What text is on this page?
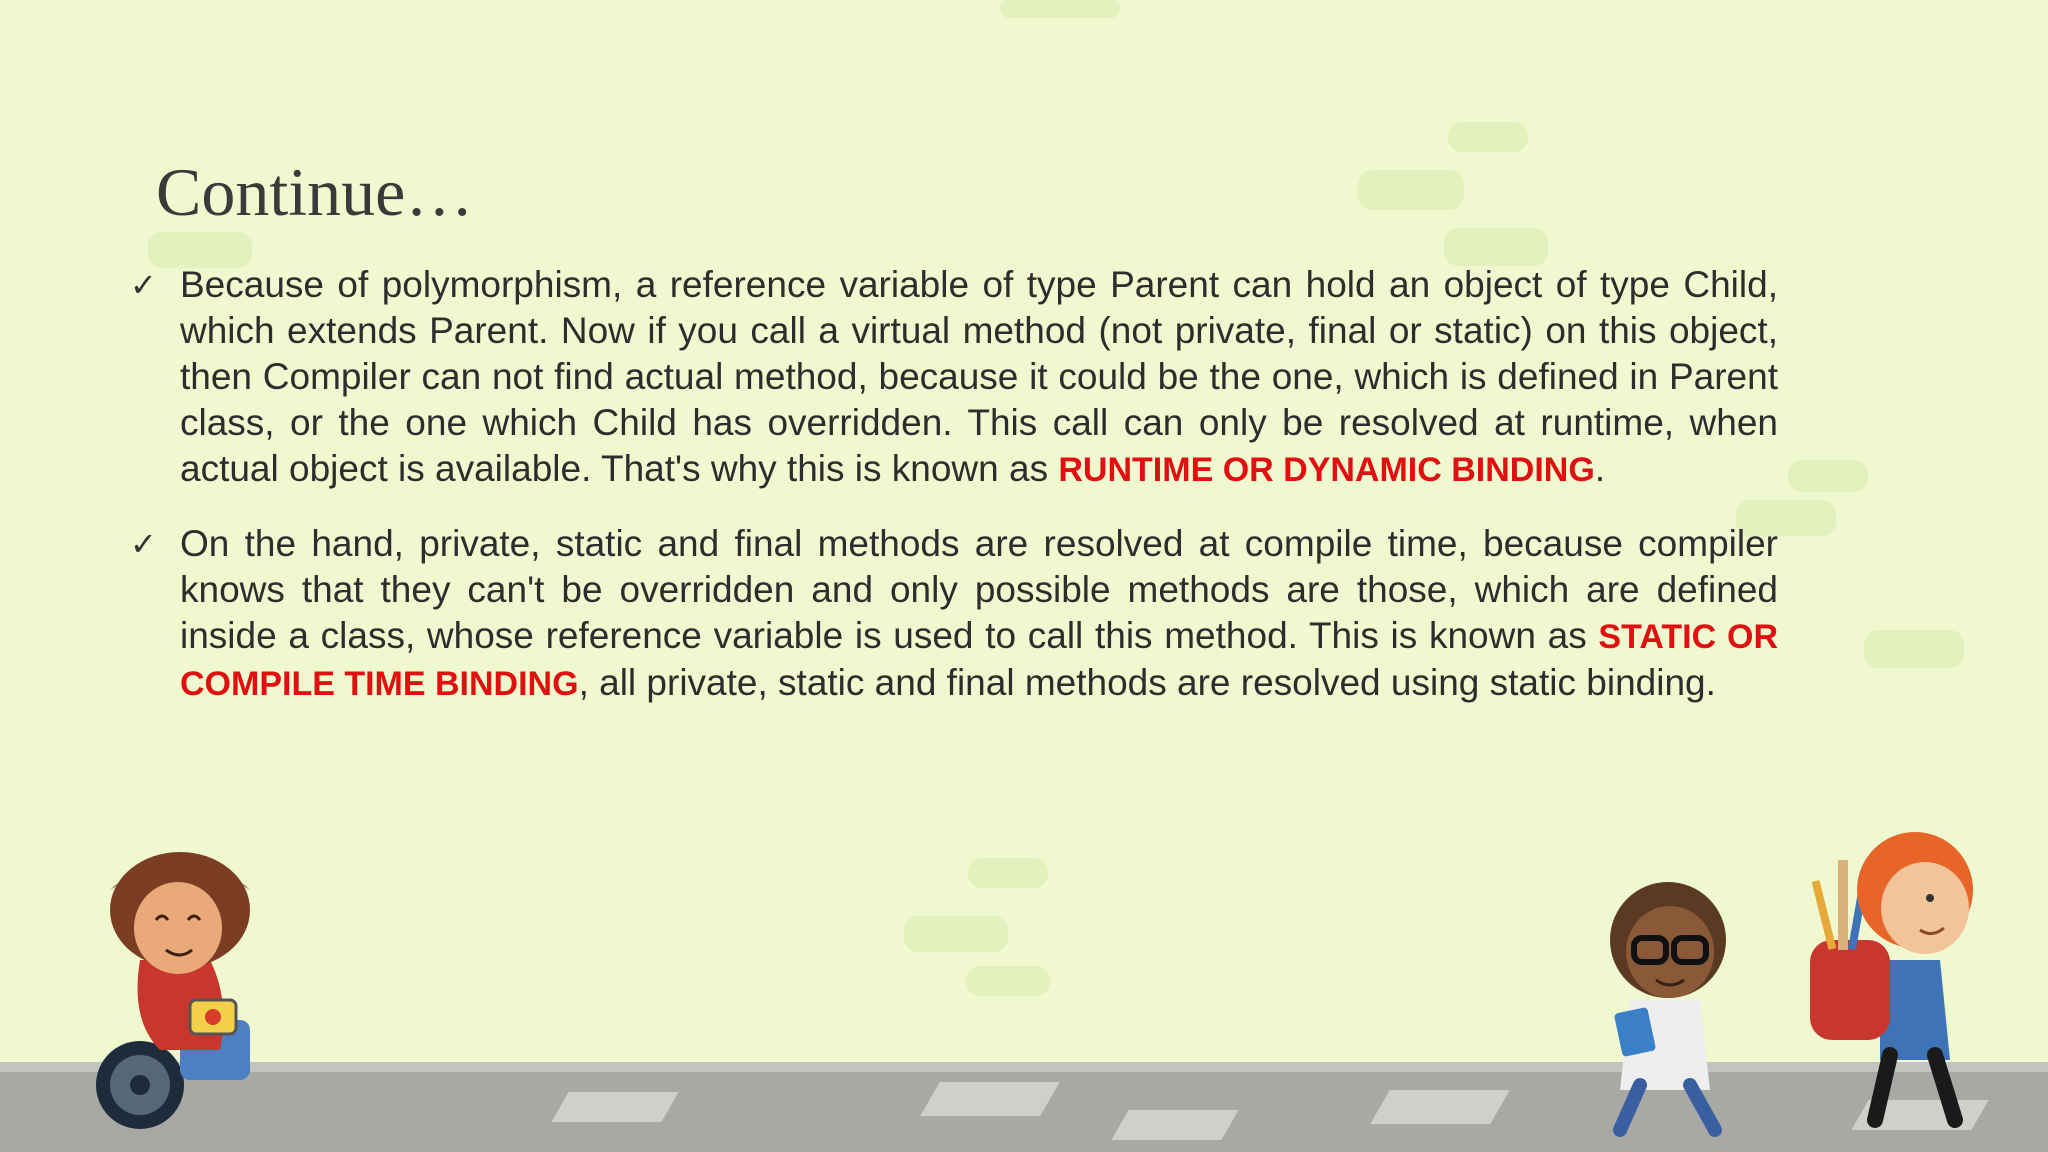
Continue…
✓ Because of polymorphism, a reference variable of type Parent can hold an object of type Child, which extends Parent. Now if you call a virtual method (not private, final or static) on this object, then Compiler can not find actual method, because it could be the one, which is defined in Parent class, or the one which Child has overridden. This call can only be resolved at runtime, when actual object is available. That's why this is known as RUNTIME OR DYNAMIC BINDING.
✓ On the hand, private, static and final methods are resolved at compile time, because compiler knows that they can't be overridden and only possible methods are those, which are defined inside a class, whose reference variable is used to call this method. This is known as STATIC OR COMPILE TIME BINDING, all private, static and final methods are resolved using static binding.
